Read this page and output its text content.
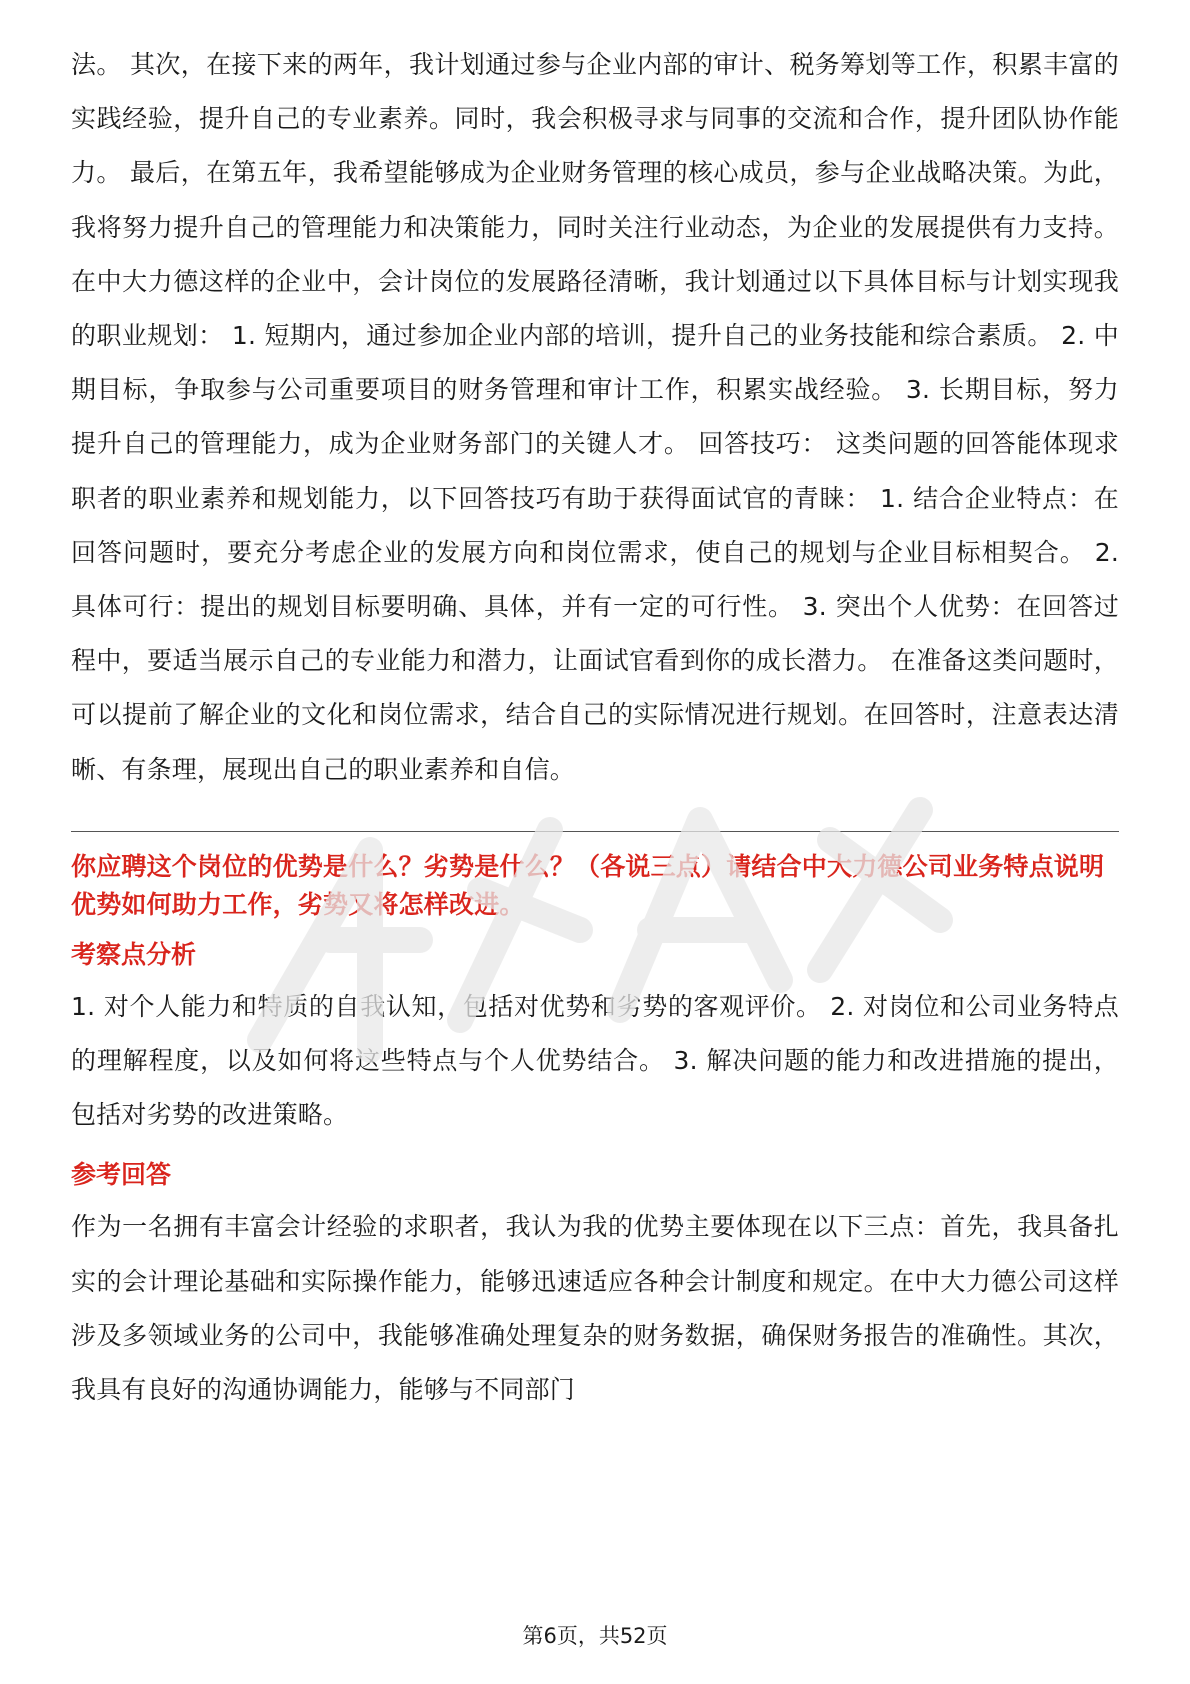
法。 其次，在接下来的两年，我计划通过参与企业内部的审计、税务筹划等工作，积累丰富的实践经验，提升自己的专业素养。同时，我会积极寻求与同事的交流和合作，提升团队协作能力。 最后，在第五年，我希望能够成为企业财务管理的核心成员，参与企业战略决策。为此，我将努力提升自己的管理能力和决策能力，同时关注行业动态，为企业的发展提供有力支持。 在中大力德这样的企业中，会计岗位的发展路径清晰，我计划通过以下具体目标与计划实现我的职业规划： 1. 短期内，通过参加企业内部的培训，提升自己的业务技能和综合素质。 2. 中期目标，争取参与公司重要项目的财务管理和审计工作，积累实战经验。 3. 长期目标，努力提升自己的管理能力，成为企业财务部门的关键人才。 回答技巧： 这类问题的回答能体现求职者的职业素养和规划能力，以下回答技巧有助于获得面试官的青睐： 1. 结合企业特点：在回答问题时，要充分考虑企业的发展方向和岗位需求，使自己的规划与企业目标相契合。 2. 具体可行：提出的规划目标要明确、具体，并有一定的可行性。 3. 突出个人优势：在回答过程中，要适当展示自己的专业能力和潜力，让面试官看到你的成长潜力。 在准备这类问题时，可以提前了解企业的文化和岗位需求，结合自己的实际情况进行规划。在回答时，注意表达清晰、有条理，展现出自己的职业素养和自信。

你应聘这个岗位的优势是什么？劣势是什么？（各说三点）请结合中大力德公司业务特点说明优势如何助力工作，劣势又将怎样改进。

考察点分析

1. 对个人能力和特质的自我认知，包括对优势和劣势的客观评价。 2. 对岗位和公司业务特点的理解程度，以及如何将这些特点与个人优势结合。 3. 解决问题的能力和改进措施的提出，包括对劣势的改进策略。

参考回答

作为一名拥有丰富会计经验的求职者，我认为我的优势主要体现在以下三点：首先，我具备扎实的会计理论基础和实际操作能力，能够迅速适应各种会计制度和规定。在中大力德公司这样涉及多领域业务的公司中，我能够准确处理复杂的财务数据，确保财务报告的准确性。其次，我具有良好的沟通协调能力，能够与不同部门

第6页，共52页
